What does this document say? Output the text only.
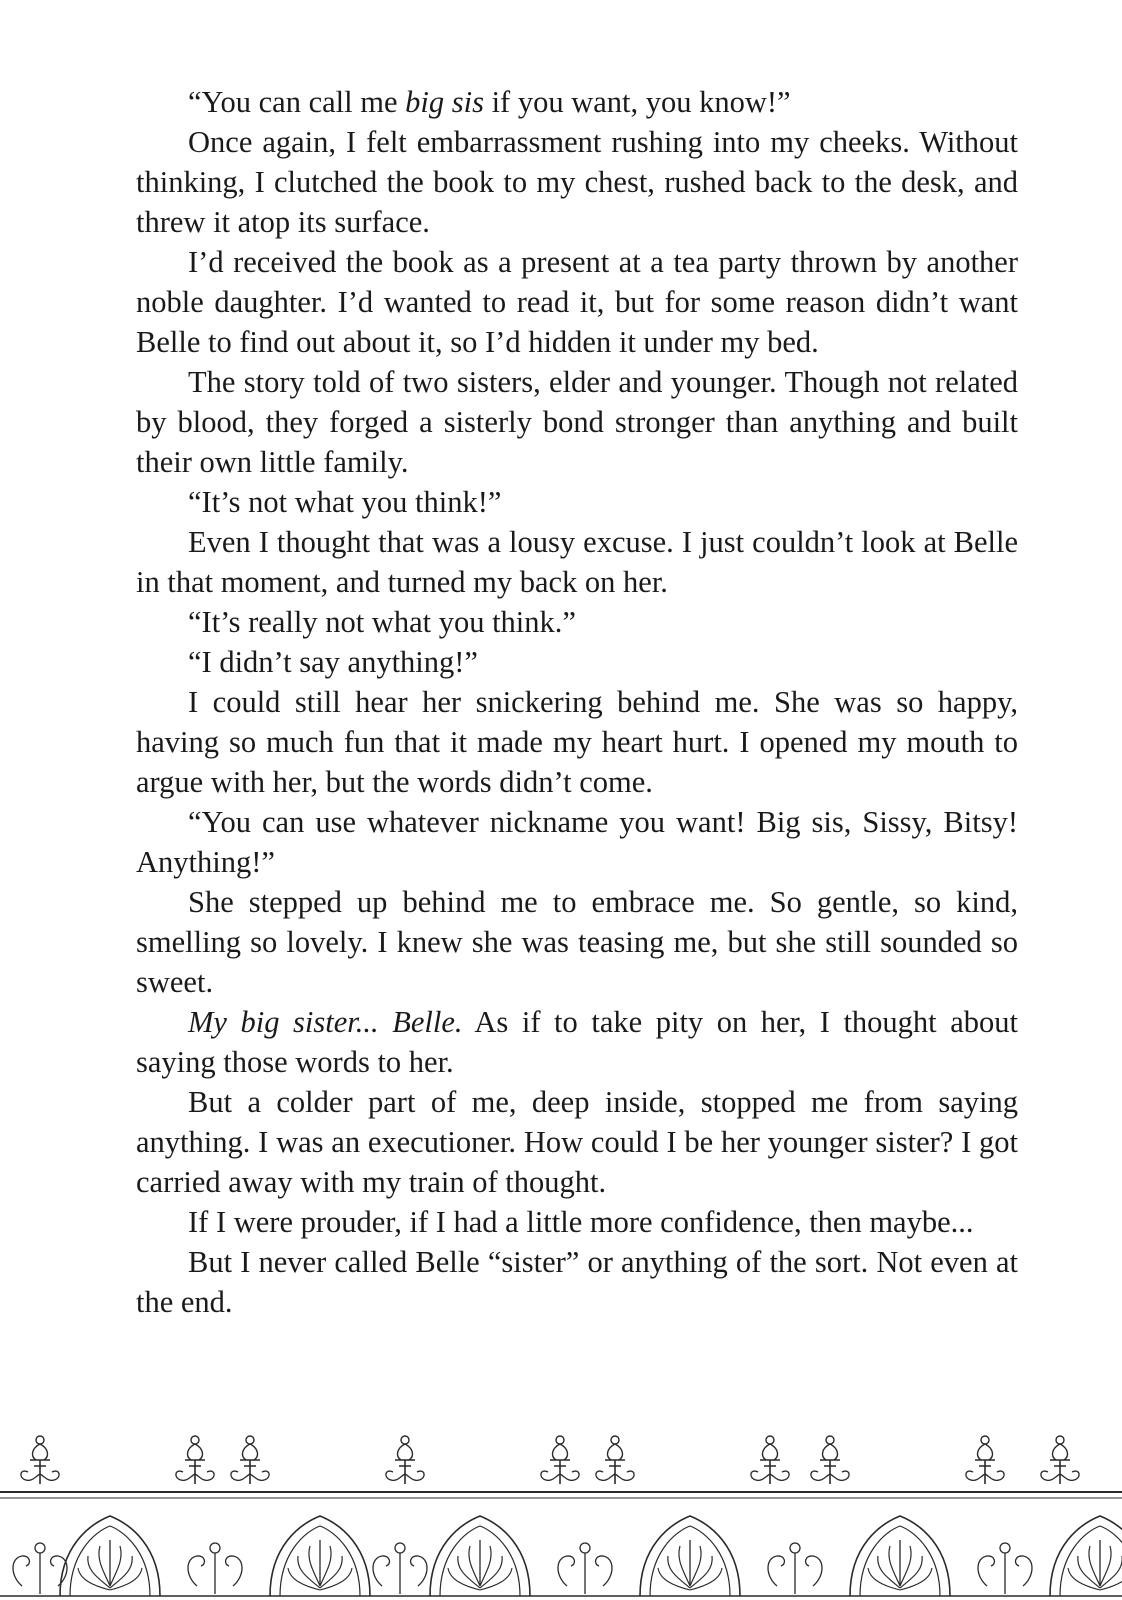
“You can call me big sis if you want, you know!”

Once again, I felt embarrassment rushing into my cheeks. Without thinking, I clutched the book to my chest, rushed back to the desk, and threw it atop its surface.

I’d received the book as a present at a tea party thrown by another noble daughter. I’d wanted to read it, but for some reason didn’t want Belle to find out about it, so I’d hidden it under my bed.

The story told of two sisters, elder and younger. Though not related by blood, they forged a sisterly bond stronger than anything and built their own little family.

“It’s not what you think!”

Even I thought that was a lousy excuse. I just couldn’t look at Belle in that moment, and turned my back on her.

“It’s really not what you think.”

“I didn’t say anything!”

I could still hear her snickering behind me. She was so happy, having so much fun that it made my heart hurt. I opened my mouth to argue with her, but the words didn’t come.

“You can use whatever nickname you want! Big sis, Sissy, Bitsy! Anything!”

She stepped up behind me to embrace me. So gentle, so kind, smelling so lovely. I knew she was teasing me, but she still sounded so sweet.

My big sister... Belle. As if to take pity on her, I thought about saying those words to her.

But a colder part of me, deep inside, stopped me from saying anything. I was an executioner. How could I be her younger sister? I got carried away with my train of thought.

If I were prouder, if I had a little more confidence, then maybe...

But I never called Belle “sister” or anything of the sort. Not even at the end.
